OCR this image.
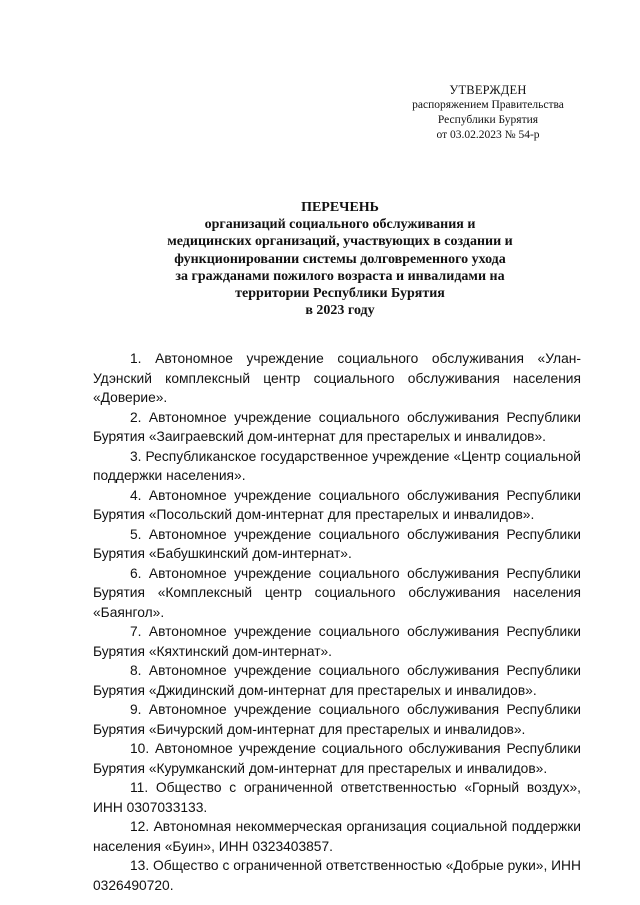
УТВЕРЖДЕН
распоряжением Правительства
Республики Бурятия
от 03.02.2023 № 54-р
ПЕРЕЧЕНЬ
организаций социального обслуживания и
медицинских организаций, участвующих в создании и
функционировании системы долговременного ухода
за гражданами пожилого возраста и инвалидами на
территории Республики Бурятия
в 2023 году

1. Автономное учреждение социального обслуживания «Улан-Удэнский комплексный центр социального обслуживания населения «Доверие».

2. Автономное учреждение социального обслуживания Республики Бурятия «Заиграевский дом-интернат для престарелых и инвалидов».

3. Республиканское государственное учреждение «Центр социальной поддержки населения».

4. Автономное учреждение социального обслуживания Республики Бурятия «Посольский дом-интернат для престарелых и инвалидов».

5. Автономное учреждение социального обслуживания Республики Бурятия «Бабушкинский дом-интернат».

6. Автономное учреждение социального обслуживания Республики Бурятия «Комплексный центр социального обслуживания населения «Баянгол».

7. Автономное учреждение социального обслуживания Республики Бурятия «Кяхтинский дом-интернат».

8. Автономное учреждение социального обслуживания Республики Бурятия «Джидинский дом-интернат для престарелых и инвалидов».

9. Автономное учреждение социального обслуживания Республики Бурятия «Бичурский дом-интернат для престарелых и инвалидов».

10. Автономное учреждение социального обслуживания Республики Бурятия «Курумканский дом-интернат для престарелых и инвалидов».

11. Общество с ограниченной ответственностью «Горный воздух», ИНН 0307033133.

12. Автономная некоммерческая организация социальной поддержки населения «Буин», ИНН 0323403857.

13. Общество с ограниченной ответственностью «Добрые руки», ИНН 0326490720.
